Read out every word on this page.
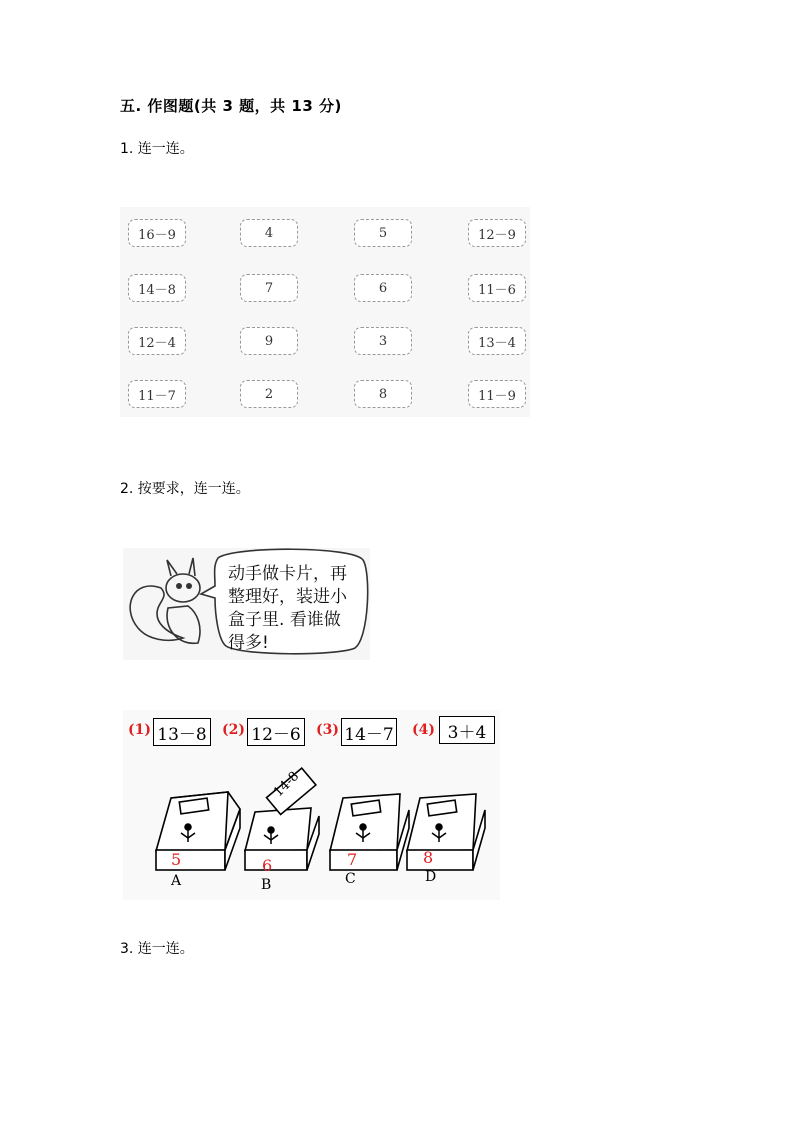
五. 作图题(共 3 题，共 13 分)
1. 连一连。
16－9	4	5	12－9
14－8	7	6	11－6
12－4	9	3	13－4
11－7	2	8	11－9
2. 按要求，连一连。
动手做卡片，再
整理好，装进小
盒子里. 看谁做
得多!
(1) 13－8	(2) 12－6	(3) 14－7 (4) 3＋4
14-8
5	6	7	8
A	B	C	D
3. 连一连。
